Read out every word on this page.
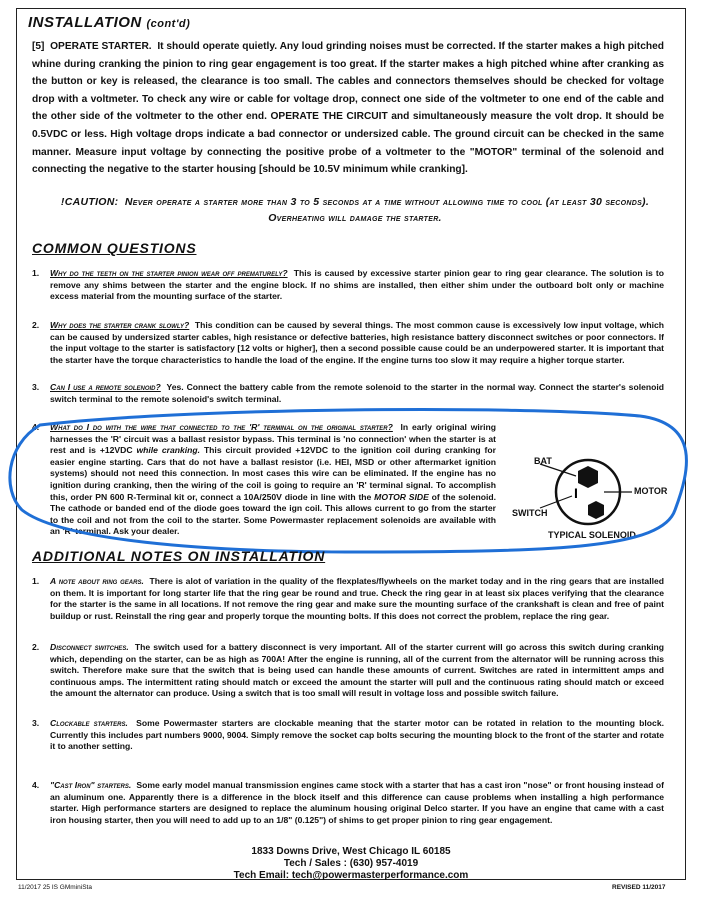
INSTALLATION (cont'd)
[5] OPERATE STARTER. It should operate quietly. Any loud grinding noises must be corrected. If the starter makes a high pitched whine during cranking the pinion to ring gear engagement is too great. If the starter makes a high pitched whine after cranking as the button or key is released, the clearance is too small. The cables and connectors themselves should be checked for voltage drop with a voltmeter. To check any wire or cable for voltage drop, connect one side of the voltmeter to one end of the cable and the other side of the voltmeter to the other end. OPERATE THE CIRCUIT and simultaneously measure the volt drop. It should be 0.5VDC or less. High voltage drops indicate a bad connector or undersized cable. The ground circuit can be checked in the same manner. Measure input voltage by connecting the positive probe of a voltmeter to the "MOTOR" terminal of the solenoid and connecting the negative to the starter housing [should be 10.5V minimum while cranking].
!CAUTION: Never operate a starter more than 3 to 5 seconds at a time without allowing time to cool (at least 30 seconds). Overheating will damage the starter.
COMMON QUESTIONS
1. Why do the teeth on the starter pinion wear off prematurely? This is caused by excessive starter pinion gear to ring gear clearance. The solution is to remove any shims between the starter and the engine block. If no shims are installed, then either shim under the outboard bolt only or machine excess material from the mounting surface of the starter.
2. Why does the starter crank slowly? This condition can be caused by several things. The most common cause is excessively low input voltage, which can be caused by undersized starter cables, high resistance or defective batteries, high resistance battery disconnect switches or poor connectors. If the input voltage to the starter is satisfactory [12 volts or higher], then a second possible cause could be an underpowered starter. It is important that the starter have the torque characteristics to handle the load of the engine. If the engine turns too slow it may require a higher torque starter.
3. Can I use a remote solenoid? Yes. Connect the battery cable from the remote solenoid to the starter in the normal way. Connect the starter's solenoid switch terminal to the remote solenoid's switch terminal.
4. What do I do with the wire that connected to the 'R' terminal on the original starter? In early original wiring harnesses the 'R' circuit was a ballast resistor bypass. This terminal is 'no connection' when the starter is at rest and is +12VDC while cranking. This circuit provided +12VDC to the ignition coil during cranking for easier engine starting. Cars that do not have a ballast resistor (i.e. HEI, MSD or other aftermarket ignition systems) should not need this connection. In most cases this wire can be eliminated. If the engine has no ignition during cranking, then the wiring of the coil is going to require an 'R' terminal signal. To accomplish this, order PN 600 R-Terminal kit or, connect a 10A/250V diode in line with the MOTOR SIDE of the solenoid. The cathode or banded end of the diode goes toward the ign coil. This allows current to go from the starter to the coil and not from the coil to the starter. Some Powermaster replacement solenoids are available with an 'R' terminal. Ask your dealer.
I
BAT
MOTOR
SWITCH
TYPICAL SOLENOID
ADDITIONAL NOTES ON INSTALLATION
1. A note about ring gears. There is alot of variation in the quality of the flexplates/flywheels on the market today and in the ring gears that are installed on them. It is important for long starter life that the ring gear be round and true. Check the ring gear in at least six places verifying that the clearance for the starter is the same in all locations. If not remove the ring gear and make sure the mounting surface of the crankshaft is clean and free of paint buildup or rust. Reinstall the ring gear and properly torque the mounting bolts. If this does not correct the problem, replace the ring gear.
2. Disconnect switches. The switch used for a battery disconnect is very important. All of the starter current will go across this switch during cranking which, depending on the starter, can be as high as 700A! After the engine is running, all of the current from the alternator will be running across this switch. Therefore make sure that the switch that is being used can handle these amounts of current. Switches are rated in intermittent amps and continuous amps. The intermittent rating should match or exceed the amount the starter will pull and the continuous rating should match or exceed the amount the alternator can produce. Using a switch that is too small will result in voltage loss and possible switch failure.
3. Clockable starters. Some Powermaster starters are clockable meaning that the starter motor can be rotated in relation to the mounting block. Currently this includes part numbers 9000, 9004. Simply remove the socket cap bolts securing the mounting block to the front of the starter and rotate it to another setting.
4. "Cast Iron" starters. Some early model manual transmission engines came stock with a starter that has a cast iron "nose" or front housing instead of an aluminum one. Apparently there is a difference in the block itself and this difference can cause problems when installing a high performance starter. High performance starters are designed to replace the aluminum housing original Delco starter. If you have an engine that came with a cast iron housing starter, then you will need to add up to an 1/8" (0.125") of shims to get proper pinion to ring gear engagement.
1833 Downs Drive, West Chicago IL 60185
Tech / Sales : (630) 957-4019
Tech Email: tech@powermasterperformance.com
11/2017 25 IS GMminiSta	REVISED 11/2017
